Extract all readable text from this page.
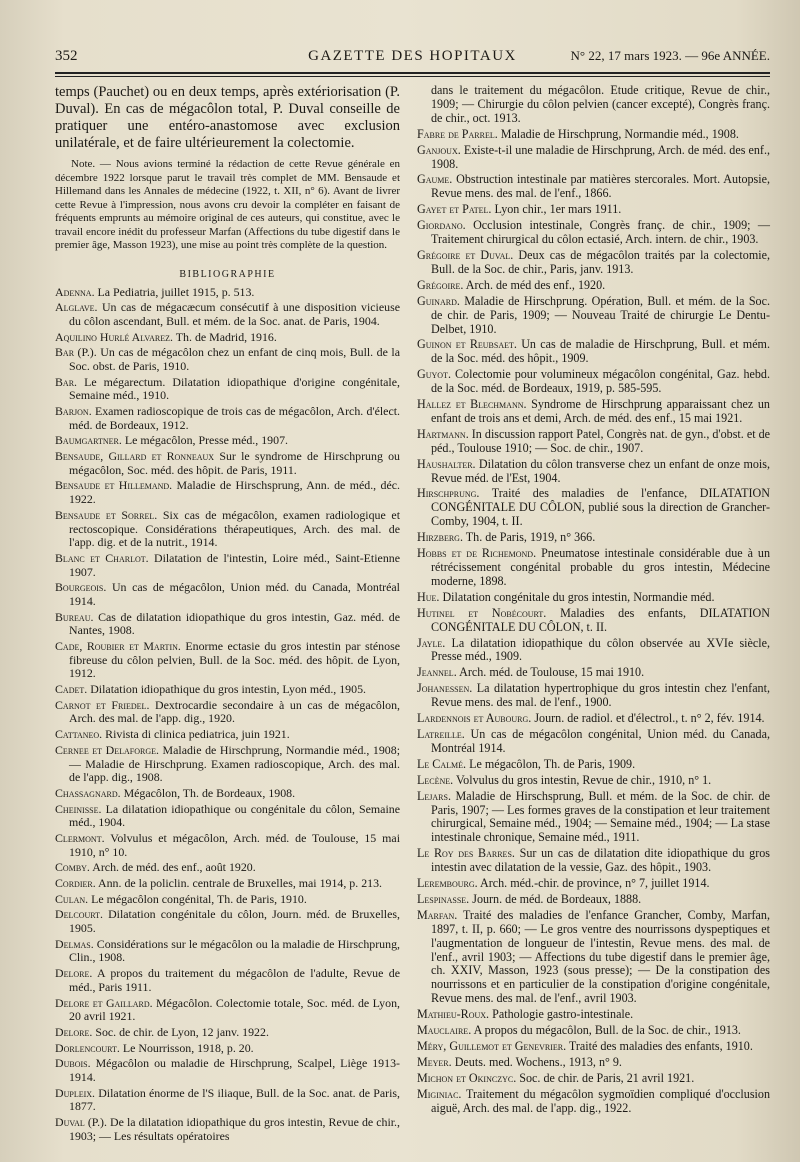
352	GAZETTE DES HOPITAUX	N° 22, 17 mars 1923. — 96e ANNÉE.
temps (Pauchet) ou en deux temps, après extériorisation (P. Duval). En cas de mégacôlon total, P. Duval conseille de pratiquer une entéro-anastomose avec exclusion unilatérale, et de faire ultérieurement la colectomie.
Note. — Nous avions terminé la rédaction de cette Revue générale en décembre 1922 lorsque parut le travail très complet de MM. Bensaude et Hillemand dans les Annales de médecine (1922, t. XII, n° 6). Avant de livrer cette Revue à l'impression, nous avons cru devoir la compléter en faisant de fréquents emprunts au mémoire original de ces auteurs, qui constitue, avec le travail encore inédit du professeur Marfan (Affections du tube digestif dans le premier âge, Masson 1923), une mise au point très complète de la question.
BIBLIOGRAPHIE
Adenna. La Pediatria, juillet 1915, p. 513.
Alglave. Un cas de mégacæcum consécutif à une disposition vicieuse du côlon ascendant, Bull. et mém. de la Soc. anat. de Paris, 1904.
Aquilino Hurlé Alvarez. Th. de Madrid, 1916.
Bar (P.). Un cas de mégacôlon chez un enfant de cinq mois, Bull. de la Soc. obst. de Paris, 1910.
Bar. Le mégarectum. Dilatation idiopathique d'origine congénitale, Semaine méd., 1910.
Barjon. Examen radioscopique de trois cas de mégacôlon, Arch. d'élect. méd. de Bordeaux, 1912.
Baumgartner. Le mégacôlon, Presse méd., 1907.
Bensaude, Gillard et Ronneaux Sur le syndrome de Hirschprung ou mégacôlon, Soc. méd. des hôpit. de Paris, 1911.
Bensaude et Hillemand. Maladie de Hirschsprung, Ann. de méd., déc. 1922.
Bensaude et Sorrel. Six cas de mégacôlon, examen radiologique et rectoscopique. Considérations thérapeutiques, Arch. des mal. de l'app. dig. et de la nutrit., 1914.
Blanc et Charlot. Dilatation de l'intestin, Loire méd., Saint-Etienne 1907.
Bourgeois. Un cas de mégacôlon, Union méd. du Canada, Montréal 1914.
Bureau. Cas de dilatation idiopathique du gros intestin, Gaz. méd. de Nantes, 1908.
Cade, Roubier et Martin. Enorme ectasie du gros intestin par sténose fibreuse du côlon pelvien, Bull. de la Soc. méd. des hôpit. de Lyon, 1912.
Cadet. Dilatation idiopathique du gros intestin, Lyon méd., 1905.
Carnot et Friedel. Dextrocardie secondaire à un cas de mégacôlon, Arch. des mal. de l'app. dig., 1920.
Cattaneo. Rivista di clinica pediatrica, juin 1921.
Cernee et Delaforge. Maladie de Hirschprung, Normandie méd., 1908; — Maladie de Hirschprung. Examen radioscopique, Arch. des mal. de l'app. dig., 1908.
Chassagnard. Mégacôlon, Th. de Bordeaux, 1908.
Cheinisse. La dilatation idiopathique ou congénitale du côlon, Semaine méd., 1904.
Clermont. Volvulus et mégacôlon, Arch. méd. de Toulouse, 15 mai 1910, n° 10.
Comby. Arch. de méd. des enf., août 1920.
Cordier. Ann. de la policlin. centrale de Bruxelles, mai 1914, p. 213.
Culan. Le mégacôlon congénital, Th. de Paris, 1910.
Delcourt. Dilatation congénitale du côlon, Journ. méd. de Bruxelles, 1905.
Delmas. Considérations sur le mégacôlon ou la maladie de Hirschprung, Clin., 1908.
Delore. A propos du traitement du mégacôlon de l'adulte, Revue de méd., Paris 1911.
Delore et Gaillard. Mégacôlon. Colectomie totale, Soc. méd. de Lyon, 20 avril 1921.
Delore. Soc. de chir. de Lyon, 12 janv. 1922.
Dorlencourt. Le Nourrisson, 1918, p. 20.
Dubois. Mégacôlon ou maladie de Hirschprung, Scalpel, Liège 1913-1914.
Dupleix. Dilatation énorme de l'S iliaque, Bull. de la Soc. anat. de Paris, 1877.
Duval (P.). De la dilatation idiopathique du gros intestin, Revue de chir., 1903; — Les résultats opératoires
dans le traitement du mégacôlon. Etude critique, Revue de chir., 1909; — Chirurgie du côlon pelvien (cancer excepté), Congrès franç. de chir., oct. 1913.
Fabre de Parrel. Maladie de Hirschprung, Normandie méd., 1908.
Ganjoux. Existe-t-il une maladie de Hirschprung, Arch. de méd. des enf., 1908.
Gaume. Obstruction intestinale par matières stercorales. Mort. Autopsie, Revue mens. des mal. de l'enf., 1866.
Gayet et Patel. Lyon chir., 1er mars 1911.
Giordano. Occlusion intestinale, Congrès franç. de chir., 1909; — Traitement chirurgical du côlon ectasié, Arch. intern. de chir., 1903.
Grégoire et Duval. Deux cas de mégacôlon traités par la colectomie, Bull. de la Soc. de chir., Paris, janv. 1913.
Grégoire. Arch. de méd des enf., 1920.
Guinard. Maladie de Hirschprung. Opération, Bull. et mém. de la Soc. de chir. de Paris, 1909; — Nouveau Traité de chirurgie Le Dentu-Delbet, 1910.
Guinon et Reubsaet. Un cas de maladie de Hirschprung, Bull. et mém. de la Soc. méd. des hôpit., 1909.
Guyot. Colectomie pour volumineux mégacôlon congénital, Gaz. hebd. de la Soc. méd. de Bordeaux, 1919, p. 585-595.
Hallez et Blechmann. Syndrome de Hirschprung apparaissant chez un enfant de trois ans et demi, Arch. de méd. des enf., 15 mai 1921.
Hartmann. In discussion rapport Patel, Congrès nat. de gyn., d'obst. et de péd., Toulouse 1910; — Soc. de chir., 1907.
Haushalter. Dilatation du côlon transverse chez un enfant de onze mois, Revue méd. de l'Est, 1904.
Hirschprung. Traité des maladies de l'enfance, DILATATION CONGÉNITALE DU CÔLON, publié sous la direction de Grancher-Comby, 1904, t. II.
Hirzberg. Th. de Paris, 1919, n° 366.
Hobbs et de Richemond. Pneumatose intestinale considérable due à un rétrécissement congénital probable du gros intestin, Médecine moderne, 1898.
Hue. Dilatation congénitale du gros intestin, Normandie méd.
Hutinel et Nobécourt. Maladies des enfants, DILATATION CONGÉNITALE DU CÔLON, t. II.
Jayle. La dilatation idiopathique du côlon observée au XVIe siècle, Presse méd., 1909.
Jeannel. Arch. méd. de Toulouse, 15 mai 1910.
Johanessen. La dilatation hypertrophique du gros intestin chez l'enfant, Revue mens. des mal. de l'enf., 1900.
Lardennois et Aubourg. Journ. de radiol. et d'électrol., t. n° 2, fév. 1914.
Latreille. Un cas de mégacôlon congénital, Union méd. du Canada, Montréal 1914.
Le Calmé. Le mégacôlon, Th. de Paris, 1909.
Lecène. Volvulus du gros intestin, Revue de chir., 1910, n° 1.
Lejars. Maladie de Hirschsprung, Bull. et mém. de la Soc. de chir. de Paris, 1907; — Les formes graves de la constipation et leur traitement chirurgical, Semaine méd., 1904; — Semaine méd., 1904; — La stase intestinale chronique, Semaine méd., 1911.
Le Roy des Barres. Sur un cas de dilatation dite idiopathique du gros intestin avec dilatation de la vessie, Gaz. des hôpit., 1903.
Lerembourg. Arch. méd.-chir. de province, n° 7, juillet 1914.
Lespinasse. Journ. de méd. de Bordeaux, 1888.
Marfan. Traité des maladies de l'enfance Grancher, Comby, Marfan, 1897, t. II, p. 660; — Le gros ventre des nourrissons dyspeptiques et l'augmentation de longueur de l'intestin, Revue mens. des mal. de l'enf., avril 1903; — Affections du tube digestif dans le premier âge, ch. XXIV, Masson, 1923 (sous presse); — De la constipation des nourrissons et en particulier de la constipation d'origine congénitale, Revue mens. des mal. de l'enf., avril 1903.
Mathieu-Roux. Pathologie gastro-intestinale.
Mauclaire. A propos du mégacôlon, Bull. de la Soc. de chir., 1913.
Méry, Guillemot et Genevrier. Traité des maladies des enfants, 1910.
Meyer. Deuts. med. Wochens., 1913, n° 9.
Michon et Okinczyc. Soc. de chir. de Paris, 21 avril 1921.
Miginiac. Traitement du mégacôlon sygmoïdien compliqué d'occlusion aiguë, Arch. des mal. de l'app. dig., 1922.
